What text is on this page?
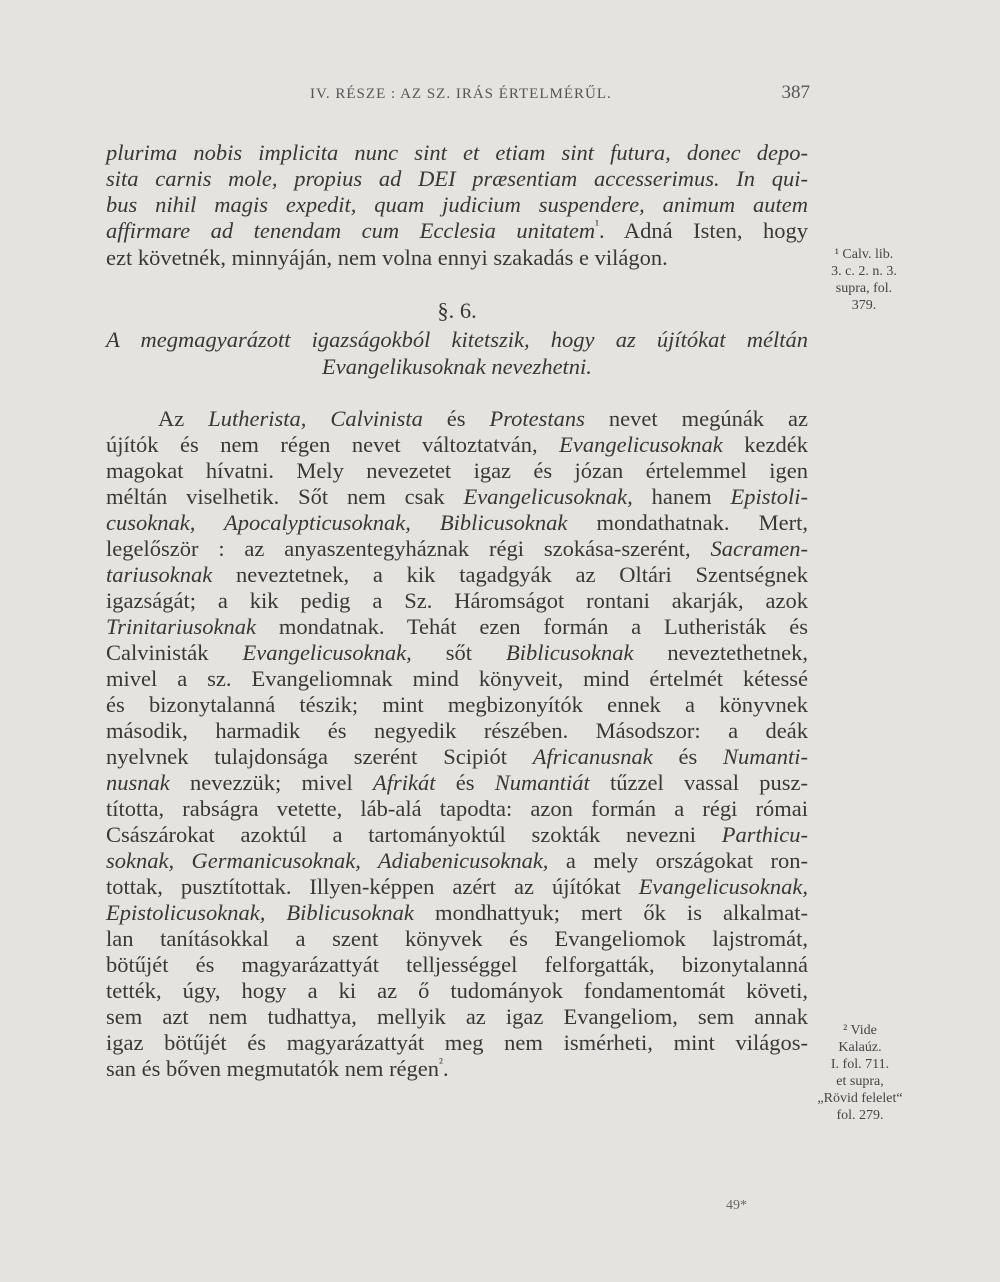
IV. RÉSZE : AZ SZ. IRÁS ÉRTELMÉRŰL.	387
plurima nobis implicita nunc sint et etiam sint futura, donec depo-
sita carnis mole, propius ad DEI præsentiam accesserimus. In qui-
bus nihil magis expedit, quam judicium suspendere, animum autem
affirmare ad tenendam cum Ecclesia unitatem$^{^1}$. Adná Isten, hogy
ezt követnék, minnyáján, nem volna ennyi szakadás e világon.
§. 6.
A megmagyarázott igazságokból kitetszik, hogy az újítókat méltán
Evangelikusoknak nevezhetni.
Az Lutherista, Calvinista és Protestans nevet megúnák az
újítók és nem régen nevet változtatván, Evangelicusoknak kezdék
magokat hívatni. Mely nevezetet igaz és józan értelemmel igen
méltán viselhetik. Sőt nem csak Evangelicusoknak, hanem Epistoli-
cusoknak, Apocalypticusoknak, Biblicusoknak mondathatnak. Mert,
legelőször : az anyaszentegyháznak régi szokása-szerént, Sacramen-
tariusoknak neveztetnek, a kik tagadgyák az Oltári Szentségnek
igazságát; a kik pedig a Sz. Háromságot rontani akarják, azok
Trinitariusoknak mondatnak. Tehát ezen formán a Lutheristák és
Calvinisták Evangelicusoknak, sőt Biblicusoknak neveztethetnek,
mivel a sz. Evangeliomnak mind könyveit, mind értelmét kétessé
és bizonytalanná tészik; mint megbizonyítók ennek a könyvnek
második, harmadik és negyedik részében. Másodszor: a deák
nyelvnek tulajdonsága szerént Scipiót Africanusnak és Numanti-
nusnak nevezzük; mivel Afrikát és Numantiát tűzzel vassal pusz-
tította, rabságra vetette, láb-alá tapodta: azon formán a régi római
Császárokat azoktúl a tartományoktúl szokták nevezni Parthicu-
soknak, Germanicusoknak, Adiabenicusoknak, a mely országokat ron-
tottak, pusztítottak. Illyen-képpen azért az újítókat Evangelicusoknak,
Epistolicusoknak, Biblicusoknak mondhattyuk; mert ők is alkalmat-
lan tanításokkal a szent könyvek és Evangeliomok lajstromát,
bötűjét és magyarázattyát telljességgel felforgatták, bizonytalanná
tették, úgy, hogy a ki az ő tudományok fondamentomát követi,
sem azt nem tudhattya, mellyik az igaz Evangeliom, sem annak
igaz bötűjét és magyarázattyát meg nem ismérheti, mint világos-
san és bőven megmutatók nem régen$^{^2}$.
¹ Calv. lib.
3. c. 2. n. 3.
supra, fol.
379.
² Vide
Kalaúz.
I. fol. 711.
et supra,
„Rövid felelet“
fol. 279.
49*
